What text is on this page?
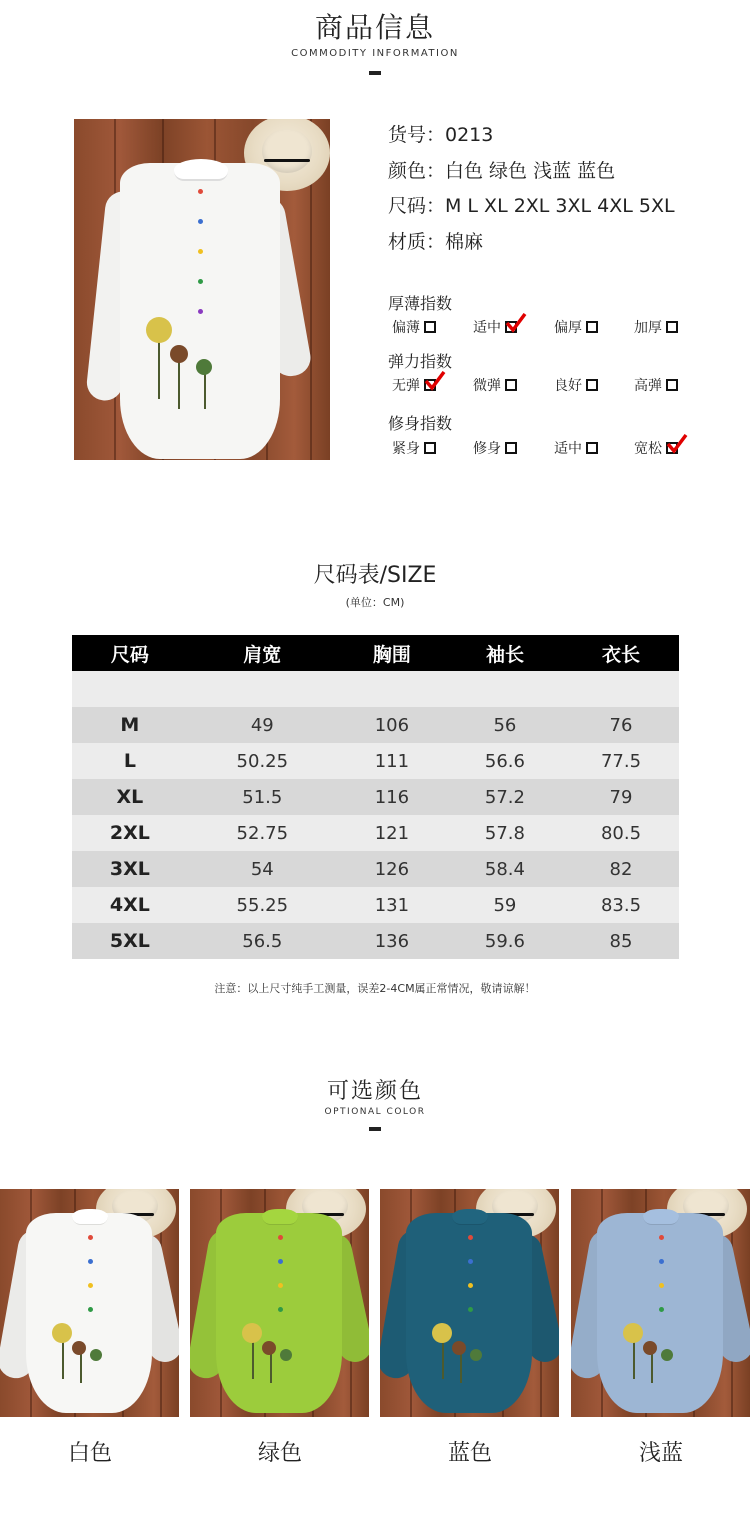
商品信息
COMMODITY INFORMATION
货号：0213
颜色：白色 绿色 浅蓝 蓝色
尺码：M L XL 2XL 3XL 4XL 5XL
材质：棉麻
厚薄指数
偏薄	适中	偏厚	加厚
弹力指数
无弹	微弹	良好	高弹
修身指数
紧身	修身	适中	宽松
尺码表/SIZE
(单位：CM)
尺码	肩宽	胸围	袖长	衣长

M	49	106	56	76
L	50.25	111	56.6	77.5
XL	51.5	116	57.2	79
2XL	52.75	121	57.8	80.5
3XL	54	126	58.4	82
4XL	55.25	131	59	83.5
5XL	56.5	136	59.6	85
注意：以上尺寸纯手工测量，误差2-4CM属正常情况，敬请谅解！
可选颜色
OPTIONAL COLOR
白色	绿色	蓝色	浅蓝
